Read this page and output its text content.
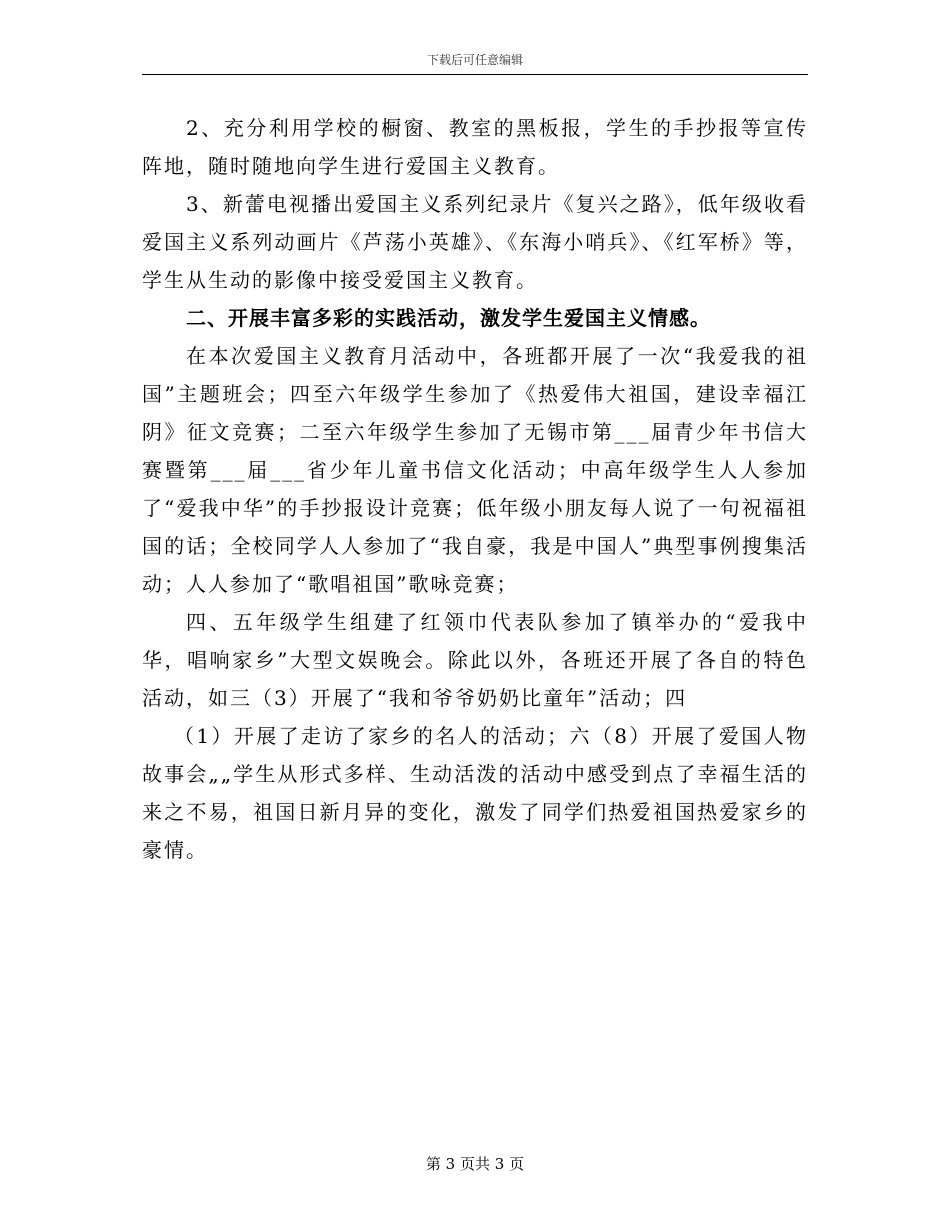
下载后可任意编辑

2、充分利用学校的橱窗、教室的黑板报，学生的手抄报等宣传阵地，随时随地向学生进行爱国主义教育。

3、新蕾电视播出爱国主义系列纪录片《复兴之路》，低年级收看爱国主义系列动画片《芦荡小英雄》、《东海小哨兵》、《红军桥》等，学生从生动的影像中接受爱国主义教育。

二、开展丰富多彩的实践活动，激发学生爱国主义情感。

在本次爱国主义教育月活动中，各班都开展了一次“我爱我的祖国”主题班会；四至六年级学生参加了《热爱伟大祖国，建设幸福江阴》征文竞赛；二至六年级学生参加了无锡市第___届青少年书信大赛暨第___届___省少年儿童书信文化活动；中高年级学生人人参加了“爱我中华”的手抄报设计竞赛；低年级小朋友每人说了一句祝福祖国的话；全校同学人人参加了“我自豪，我是中国人”典型事例搜集活动；人人参加了“歌唱祖国”歌咏竞赛；

四、五年级学生组建了红领巾代表队参加了镇举办的“爱我中华，唱响家乡”大型文娱晚会。除此以外，各班还开展了各自的特色活动，如三（3）开展了“我和爷爷奶奶比童年”活动；四

（1）开展了走访了家乡的名人的活动；六（8）开展了爱国人物故事会„„学生从形式多样、生动活泼的活动中感受到点了幸福生活的来之不易，祖国日新月异的变化，激发了同学们热爱祖国热爱家乡的豪情。

第 3 页共 3 页
